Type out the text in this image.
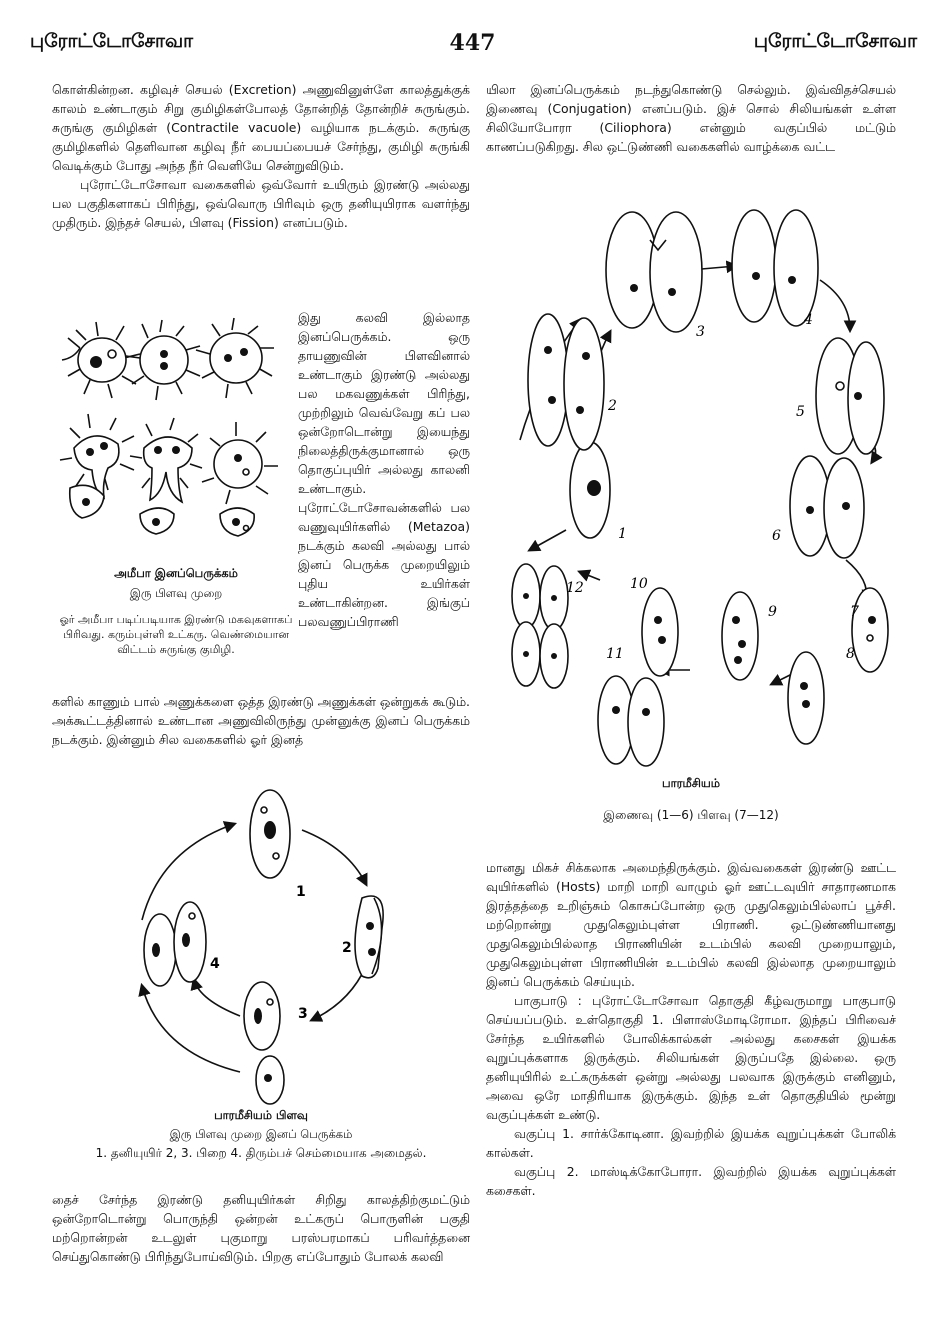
புரோட்டோசோவா	447	புரோட்டோசோவா

கொள்கின்றன. கழிவுச் செயல் (Excretion) அணுவினுள்ளே காலத்துக்குக் காலம் உண்டாகும் சிறு குமிழிகள்போலத் தோன்றித் தோன்றிச் சுருங்கும். சுருங்கு குமிழிகள் (Contractile vacuole) வழியாக நடக்கும். சுருங்கு குமிழிகளில் தெளிவான கழிவு நீர் பையப்பையச் சேர்ந்து, குமிழி சுருங்கி வெடிக்கும் போது அந்த நீர் வெளியே சென்றுவிடும்.

புரோட்டோசோவா வகைகளில் ஒவ்வோர் உயிரும் இரண்டு அல்லது பல பகுதிகளாகப் பிரிந்து, ஒவ்வொரு பிரிவும் ஒரு தனியுயிராக வளர்ந்து முதிரும். இந்தச் செயல், பிளவு (Fission) எனப்படும்.

அமீபா இனப்பெருக்கம்
இரு பிளவு முறை
ஓர் அமீபா படிப்படியாக இரண்டு மகவுகளாகப் பிரிவது. கரும்புள்ளி உட்கரு. வெண்மையான விட்டம் சுருங்கு குமிழி.

இது கலவி இல்லாத இனப்பெருக்கம். ஒரு தாயணுவின் பிளவினால் உண்டாகும் இரண்டு அல்லது பல மகவணுக்கள் பிரிந்து, முற்றிலும் வெவ்வேறு கப் பல ஒன்றோடொன்று இயைந்து நிலைத்திருக்குமானால் ஒரு தொகுப்புயிர் அல்லது காலனி உண்டாகும். புரோட்டோசோவன்களில் பல வணுவுயிர்களில் (Metazoa) நடக்கும் கலவி அல்லது பால் இனப் பெருக்க முறையிலும் புதிய உயிர்கள் உண்டாகின்றன. இங்குப் பலவணுப்பிராணி

களில் காணும் பால் அணுக்களை ஒத்த இரண்டு அணுக்கள் ஒன்றுகக் கூடும். அக்கூட்டத்தினால் உண்டான அணுவிலிருந்து முன்னுக்கு இனப் பெருக்கம் நடக்கும். இன்னும் சில வகைகளில் ஓர் இனத்

1
2
3
4
பாரமீசியம் பிளவு
இரு பிளவு முறை இனப் பெருக்கம்
1. தனியுயிர் 2, 3. பிறை 4. திரும்பச் செம்மையாக அமைதல்.

தைச் சேர்ந்த இரண்டு தனியுயிர்கள் சிறிது காலத்திற்குமட்டும் ஒன்றோடொன்று பொருந்தி ஒன்றன் உட்கருப் பொருளின் பகுதி மற்றொன்றன் உடலுள் புகுமாறு பரஸ்பரமாகப் பரிவர்த்தனை செய்துகொண்டு பிரிந்துபோய்விடும். பிறகு எப்போதும் போலக் கலவி

யிலா இனப்பெருக்கம் நடந்துகொண்டு செல்லும். இவ்விதச்செயல் இணைவு (Conjugation) எனப்படும். இச் சொல் சிலியங்கள் உள்ள சிலியோபோரா (Ciliophora) என்னும் வகுப்பில் மட்டும் காணப்படுகிறது. சில ஒட்டுண்ணி வகைகளில் வாழ்க்கை வட்ட

1
2
3
4
5
6
7
8
9
10
11
12
பாரமீசியம்
இணைவு (1—6) பிளவு (7—12)

மானது மிகச் சிக்கலாக அமைந்திருக்கும். இவ்வகைகள் இரண்டு ஊட்ட வுயிர்களில் (Hosts) மாறி மாறி வாழும் ஓர் ஊட்டவுயிர் சாதாரணமாக இரத்தத்தை உறிஞ்சும் கொசுப்போன்ற ஒரு முதுகெலும்பில்லாப் பூச்சி. மற்றொன்று முதுகெலும்புள்ள பிராணி. ஒட்டுண்ணியானது முதுகெலும்பில்லாத பிராணியின் உடம்பில் கலவி முறையாலும், முதுகெலும்புள்ள பிராணியின் உடம்பில் கலவி இல்லாத முறையாலும் இனப் பெருக்கம் செய்யும்.

பாகுபாடு : புரோட்டோசோவா தொகுதி கீழ்வருமாறு பாகுபாடு செய்யப்படும். உள்தொகுதி 1. பிளாஸ்மோடிரோமா. இந்தப் பிரிவைச் சேர்ந்த உயிர்களில் போலிக்கால்கள் அல்லது கசைகள் இயக்க வுறுப்புக்களாக இருக்கும். சிலியங்கள் இருப்பதே இல்லை. ஒரு தனியுயிரில் உட்கருக்கள் ஒன்று அல்லது பலவாக இருக்கும் எனினும், அவை ஒரே மாதிரியாக இருக்கும். இந்த உள் தொகுதியில் மூன்று வகுப்புக்கள் உண்டு.

வகுப்பு 1. சார்க்கோடினா. இவற்றில் இயக்க வுறுப்புக்கள் போலிக் கால்கள்.

வகுப்பு 2. மாஸ்டிக்கோபோரா. இவற்றில் இயக்க வுறுப்புக்கள் கசைகள்.
